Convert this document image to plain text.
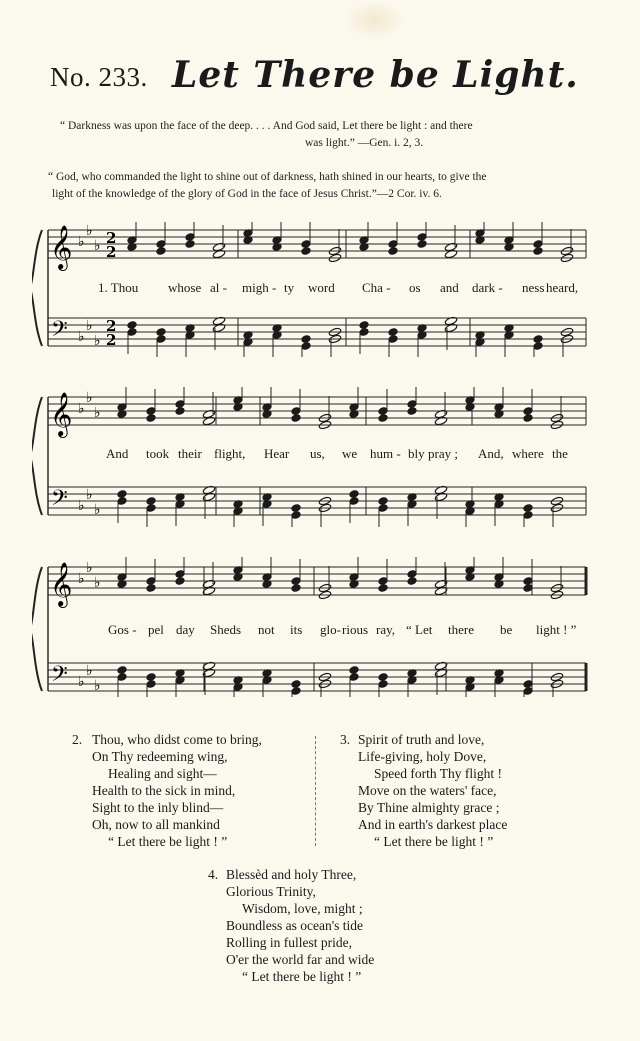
No. 233. Let There be Light.
“ Darkness was upon the face of the deep. . . . And God said, Let there be light : and there
was light.” —Gen. i. 2, 3.
“ God, who commanded the light to shine out of darkness, hath shined in our hearts, to give the
light of the knowledge of the glory of God in the face of Jesus Christ.”—2 Cor. iv. 6.
𝄞
𝄢
♭
♭
♭
♭
♭
♭
2
2
2
2
1. Thou whose al - migh - ty word Cha - os and dark - ness heard,
𝄞
𝄢
♭
♭
♭
♭
♭
♭
And took their flight, Hear us, we hum - bly pray ; And, where the
𝄞
𝄢
♭
♭
♭
♭
♭
♭
Gos - pel day Sheds not its glo- rious ray, “ Let there be light ! ”
2. Thou, who didst come to bring,
On Thy redeeming wing,
Healing and sight—
Health to the sick in mind,
Sight to the inly blind—
Oh, now to all mankind
“ Let there be light ! ”
3. Spirit of truth and love,
Life-giving, holy Dove,
Speed forth Thy flight !
Move on the waters' face,
By Thine almighty grace ;
And in earth's darkest place
“ Let there be light ! ”
4. Blessèd and holy Three,
Glorious Trinity,
Wisdom, love, might ;
Boundless as ocean's tide
Rolling in fullest pride,
O'er the world far and wide
“ Let there be light ! ”
